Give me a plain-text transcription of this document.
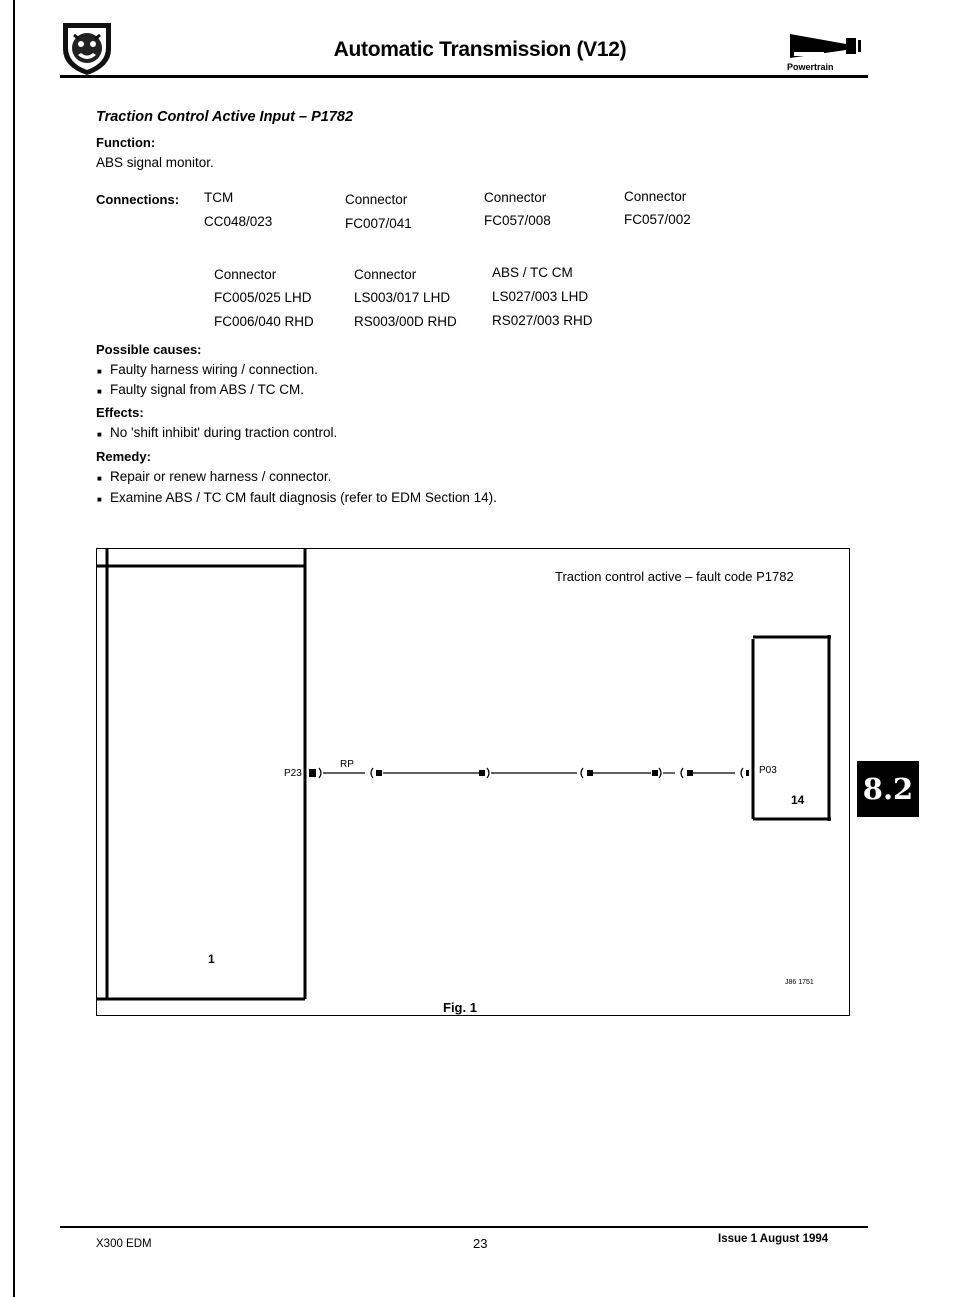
Automatic Transmission (V12)
Powertrain
Traction Control Active Input – P1782
Function:
ABS signal monitor.
Connections: TCM
CC048/023
Connector
FC007/041
Connector
FC057/008
Connector
FC057/002
Connector
FC005/025 LHD
FC006/040 RHD
Connector
LS003/017 LHD
RS003/00D RHD
ABS / TC CM
LS027/003 LHD
RS027/003 RHD
Possible causes:
■ Faulty harness wiring / connection.
■ Faulty signal from ABS / TC CM.
Effects:
■ No 'shift inhibit' during traction control.
Remedy:
■ Repair or renew harness / connector.
■ Examine ABS / TC CM fault diagnosis (refer to EDM Section 14).
Traction control active – fault code P1782
P23
RP
P03
14
1
J86 1751
Fig. 1
8.2
X300 EDM	23	Issue 1 August 1994
